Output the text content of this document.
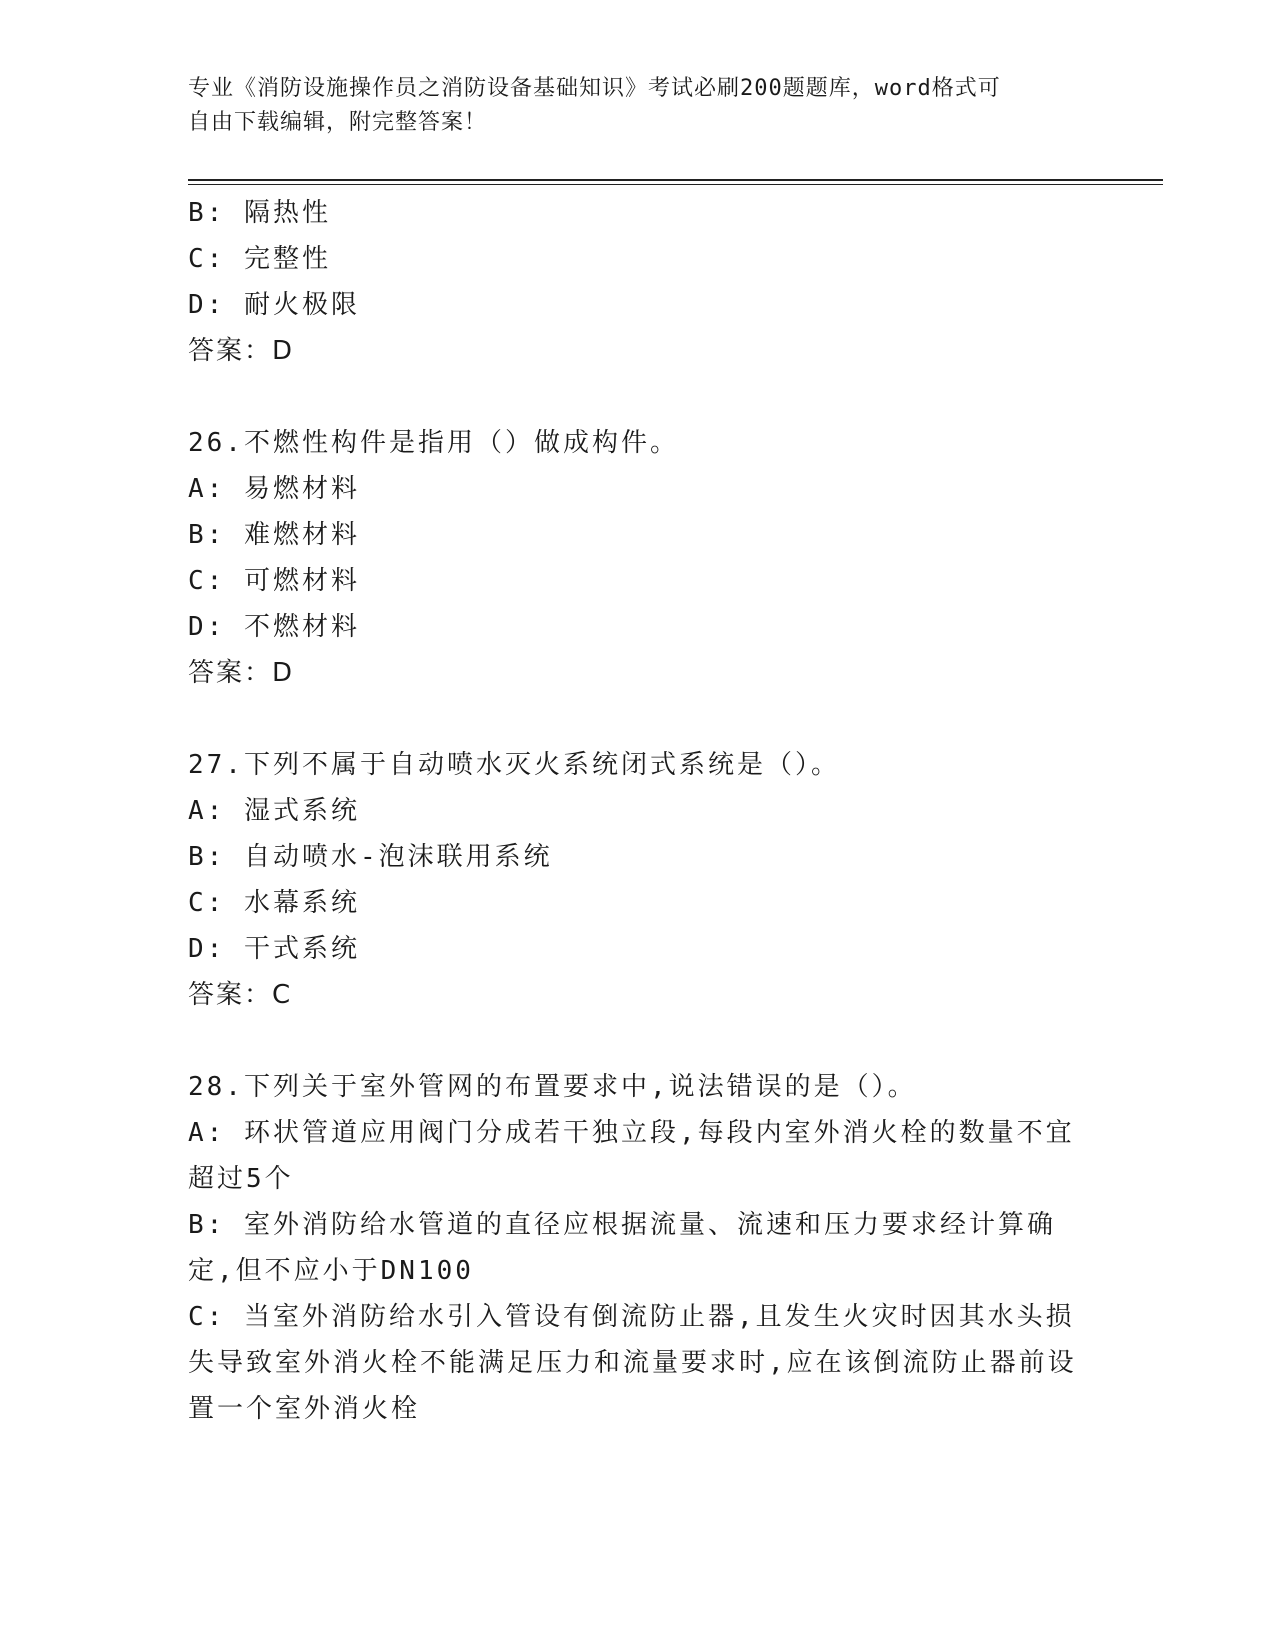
专业《消防设施操作员之消防设备基础知识》考试必刷200题题库，word格式可
自由下载编辑，附完整答案！
B: 隔热性
C: 完整性
D: 耐火极限
答案：D
26.不燃性构件是指用（）做成构件。
A: 易燃材料
B: 难燃材料
C: 可燃材料
D: 不燃材料
答案：D
27.下列不属于自动喷水灭火系统闭式系统是（）。
A: 湿式系统
B: 自动喷水-泡沫联用系统
C: 水幕系统
D: 干式系统
答案：C
28.下列关于室外管网的布置要求中,说法错误的是（）。
A: 环状管道应用阀门分成若干独立段,每段内室外消火栓的数量不宜超过5个
B: 室外消防给水管道的直径应根据流量、流速和压力要求经计算确定,但不应小于DN100
C: 当室外消防给水引入管设有倒流防止器,且发生火灾时因其水头损失导致室外消火栓不能满足压力和流量要求时,应在该倒流防止器前设置一个室外消火栓
